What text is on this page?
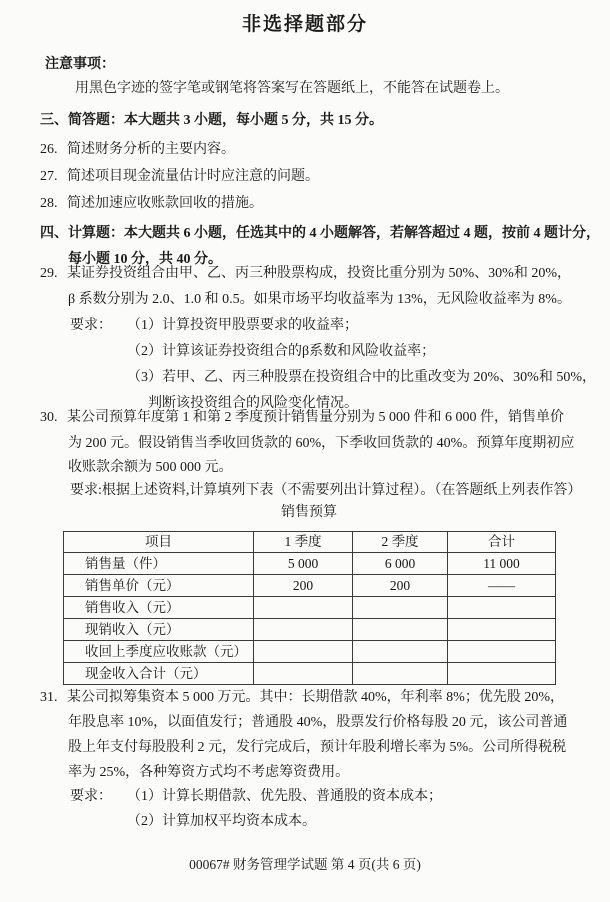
非选择题部分
注意事项：
用黑色字迹的签字笔或钢笔将答案写在答题纸上，不能答在试题卷上。
三、简答题：本大题共 3 小题，每小题 5 分，共 15 分。
26. 简述财务分析的主要内容。
27. 简述项目现金流量估计时应注意的问题。
28. 简述加速应收账款回收的措施。
四、计算题：本大题共 6 小题，任选其中的 4 小题解答，若解答超过 4 题，按前 4 题计分，
每小题 10 分，共 40 分。
29. 某证券投资组合由甲、乙、丙三种股票构成，投资比重分别为 50%、30%和 20%，
β 系数分别为 2.0、1.0 和 0.5。如果市场平均收益率为 13%，无风险收益率为 8%。
要求： （1）计算投资甲股票要求的收益率；
（2）计算该证券投资组合的β系数和风险收益率；
（3）若甲、乙、丙三种股票在投资组合中的比重改变为 20%、30%和 50%，
判断该投资组合的风险变化情况。
30. 某公司预算年度第 1 和第 2 季度预计销售量分别为 5 000 件和 6 000 件，销售单价
为 200 元。假设销售当季收回货款的 60%，下季收回货款的 40%。预算年度期初应
收账款余额为 500 000 元。
要求:根据上述资料,计算填列下表（不需要列出计算过程）。（在答题纸上列表作答）
销售预算
项目	1 季度	2 季度	合计
销售量（件）	5 000	6 000	11 000
销售单价（元）	200	200	——
销售收入（元）			
现销收入（元）			
收回上季度应收账款（元）			
现金收入合计（元）			
31. 某公司拟筹集资本 5 000 万元。其中：长期借款 40%，年利率 8%；优先股 20%，
年股息率 10%，以面值发行；普通股 40%，股票发行价格每股 20 元，该公司普通
股上年支付每股股利 2 元，发行完成后，预计年股利增长率为 5%。公司所得税税
率为 25%，各种筹资方式均不考虑筹资费用。
要求： （1）计算长期借款、优先股、普通股的资本成本；
（2）计算加权平均资本成本。
00067# 财务管理学试题 第 4 页(共 6 页)
